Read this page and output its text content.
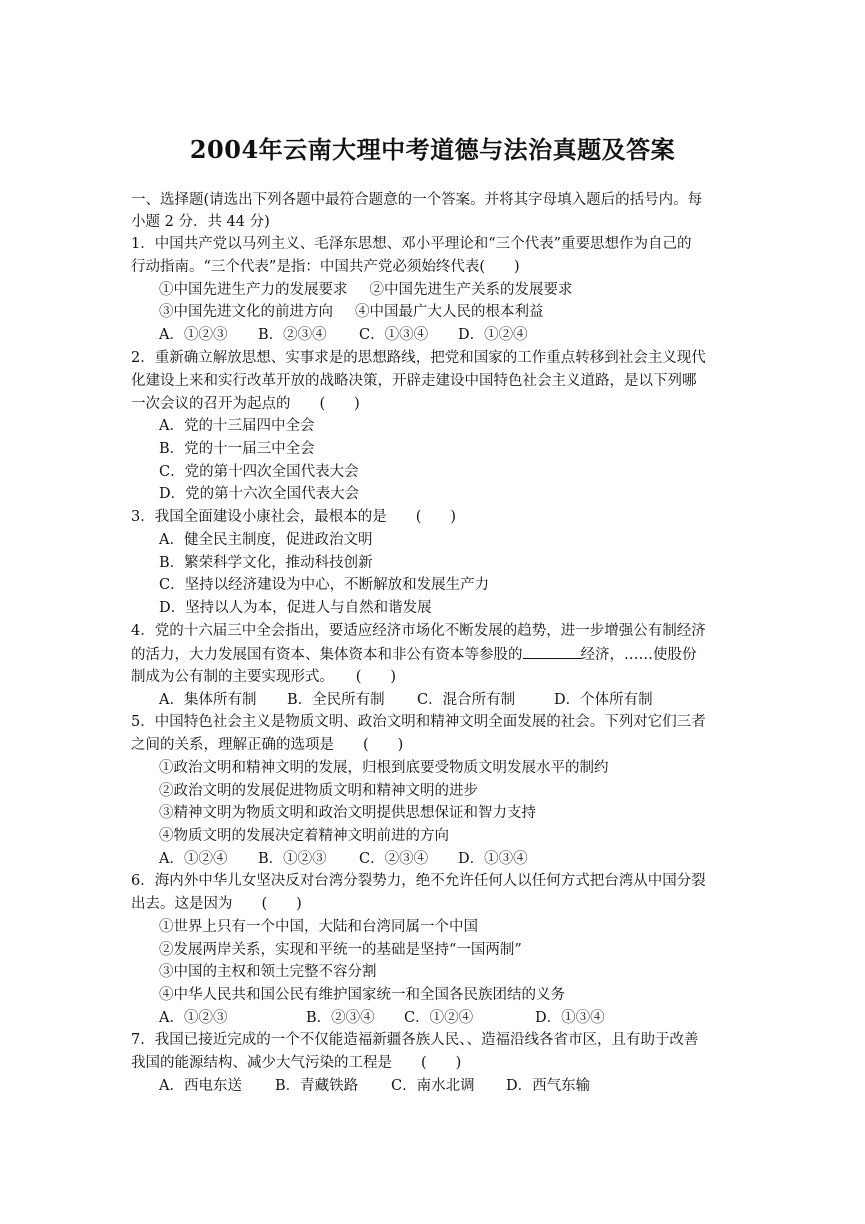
2004年云南大理中考道德与法治真题及答案
一、选择题(请选出下列各题中最符合题意的一个答案。并将其字母填入题后的括号内。每
小题 2 分．共 44 分)
1．中国共产党以马列主义、毛泽东思想、邓小平理论和“三个代表”重要思想作为自己的
行动指南。“三个代表”是指：中国共产党必须始终代表(　　)
①中国先进生产力的发展要求 ②中国先进生产关系的发展要求
③中国先进文化的前进方向 ④中国最广大人民的根本利益
A．①②③ B．②③④ C．①③④ D．①②④
2．重新确立解放思想、实事求是的思想路线，把党和国家的工作重点转移到社会主义现代
化建设上来和实行改革开放的战略决策，开辟走建设中国特色社会主义道路，是以下列哪
一次会议的召开为起点的　　(　　)
A．党的十三届四中全会
B．党的十一届三中全会
C．党的第十四次全国代表大会
D．党的第十六次全国代表大会
3．我国全面建设小康社会，最根本的是　　(　　)
A．健全民主制度，促进政治文明
B．繁荣科学文化，推动科技创新
C．坚持以经济建设为中心，不断解放和发展生产力
D．坚持以人为本，促进人与自然和谐发展
4．党的十六届三中全会指出，要适应经济市场化不断发展的趋势，进一步增强公有制经济
的活力，大力发展国有资本、集体资本和非公有资本等参股的	经济，……使股份
制成为公有制的主要实现形式。　　(　　)
A．集体所有制 B．全民所有制 C．混合所有制	D．个体所有制
5．中国特色社会主义是物质文明、政治文明和精神文明全面发展的社会。下列对它们三者
之间的关系，理解正确的选项是　　(　　)
①政治文明和精神文明的发展，归根到底要受物质文明发展水平的制约
②政治文明的发展促进物质文明和精神文明的进步
③精神文明为物质文明和政治文明提供思想保证和智力支持
④物质文明的发展决定着精神文明前进的方向
A．①②④ B．①②③ C．②③④ D．①③④
6．海内外中华儿女坚决反对台湾分裂势力，绝不允许任何人以任何方式把台湾从中国分裂
出去。这是因为　　(　　)
①世界上只有一个中国，大陆和台湾同属一个中国
②发展两岸关系，实现和平统一的基础是坚持“一国两制”
③中国的主权和领土完整不容分割
④中华人民共和国公民有维护国家统一和全国各民族团结的义务
A．①②③	B．②③④ C．①②④	D．①③④
7．我国已接近完成的一个不仅能造福新疆各族人民、、造福沿线各省市区，且有助于改善
我国的能源结构、减少大气污染的工程是　　(　　)
A．西电东送 B．青藏铁路 C．南水北调 D．西气东输
